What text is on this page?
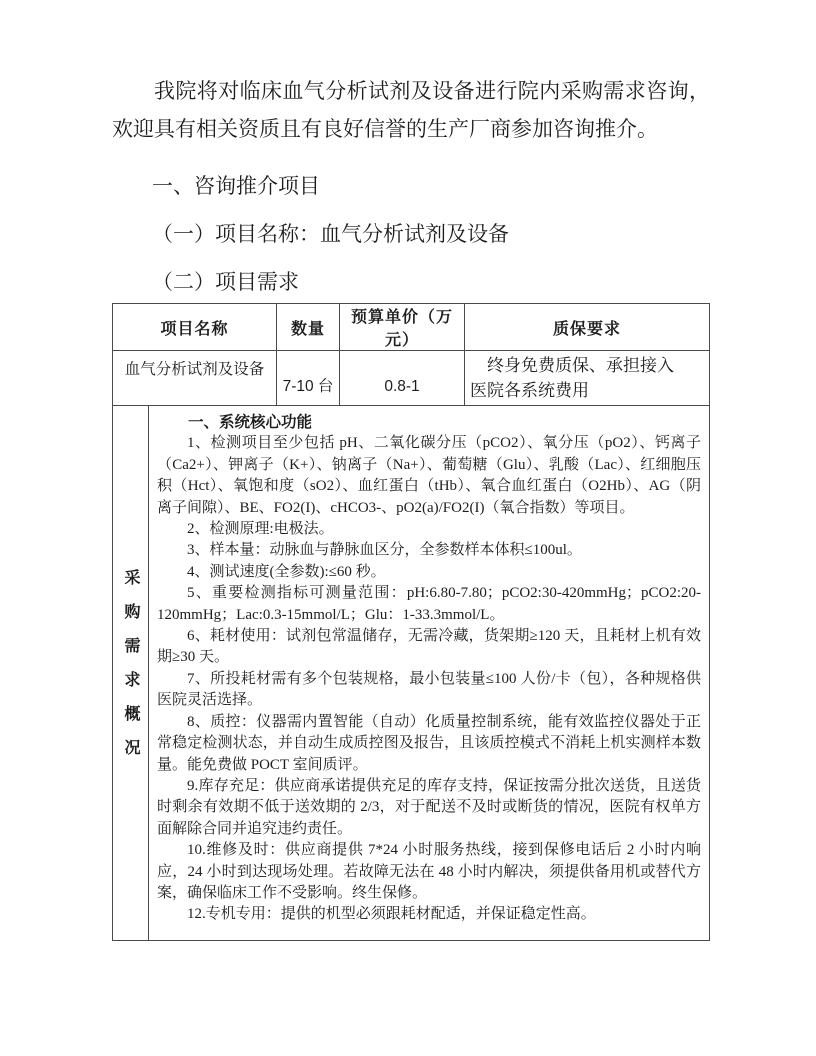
我院将对临床血气分析试剂及设备进行院内采购需求咨询，欢迎具有相关资质且有良好信誉的生产厂商参加咨询推介。

一、咨询推介项目

（一）项目名称：血气分析试剂及设备

（二）项目需求

项目名称		数量	预算单价（万元）	质保要求
血气分析试剂及设备		7-10 台	0.8-1	终身免费质保、承担接入医院各系统费用
采购需求概况	
一、系统核心功能

1、检测项目至少包括 pH、二氧化碳分压（pCO2）、氧分压（pO2）、钙离子（Ca2+）、钾离子（K+）、钠离子（Na+）、葡萄糖（Glu）、乳酸（Lac）、红细胞压积（Hct）、氧饱和度（sO2）、血红蛋白（tHb）、氧合血红蛋白（O2Hb）、AG（阴离子间隙）、BE、FO2(I)、cHCO3-、pO2(a)/FO2(I)（氧合指数）等项目。

2、检测原理:电极法。

3、样本量：动脉血与静脉血区分，全参数样本体积≤100ul。

4、测试速度(全参数):≤60 秒。

5、重要检测指标可测量范围：pH:6.80-7.80；pCO2:30-420mmHg；pCO2:20-120mmHg；Lac:0.3-15mmol/L；Glu：1-33.3mmol/L。

6、耗材使用：试剂包常温储存，无需冷藏，货架期≥120 天，且耗材上机有效期≥30 天。

7、所投耗材需有多个包装规格，最小包装量≤100 人份/卡（包），各种规格供医院灵活选择。

8、质控：仪器需内置智能（自动）化质量控制系统，能有效监控仪器处于正常稳定检测状态，并自动生成质控图及报告，且该质控模式不消耗上机实测样本数量。能免费做 POCT 室间质评。

9.库存充足：供应商承诺提供充足的库存支持，保证按需分批次送货，且送货时剩余有效期不低于送效期的 2/3，对于配送不及时或断货的情况，医院有权单方面解除合同并追究违约责任。

10.维修及时：供应商提供 7*24 小时服务热线，接到保修电话后 2 小时内响应，24 小时到达现场处理。若故障无法在 48 小时内解决，须提供备用机或替代方案，确保临床工作不受影响。终生保修。

12.专机专用：提供的机型必须跟耗材配适，并保证稳定性高。
